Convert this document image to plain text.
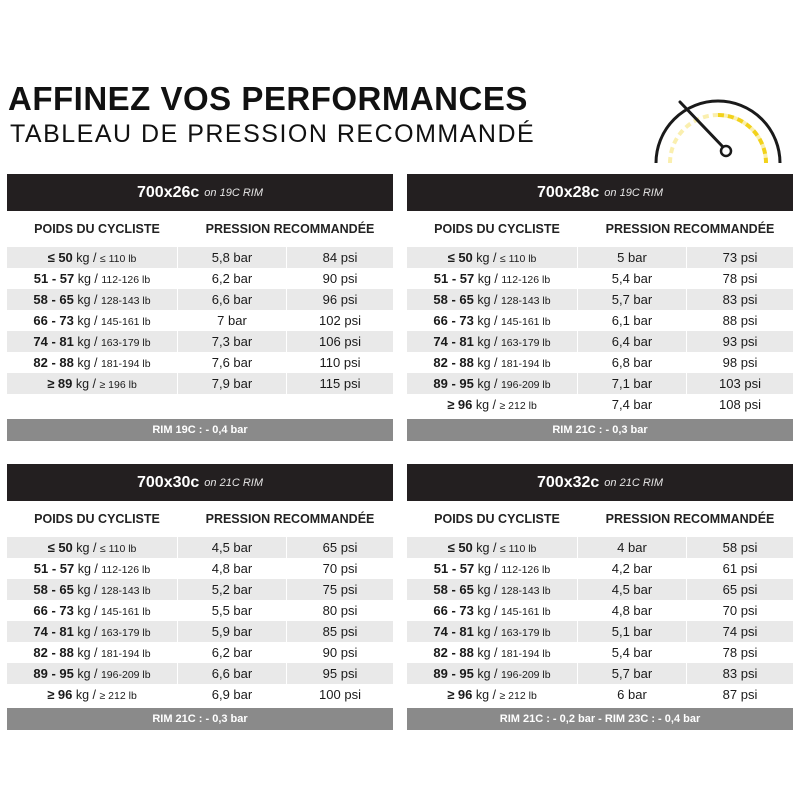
AFFINEZ VOS PERFORMANCES
TABLEAU DE PRESSION RECOMMANDÉ
700x26c on 19C RIM
POIDS DU CYCLISTE	PRESSION RECOMMANDÉE
≤ 50 kg / ≤ 110 lb	5,8 bar	84 psi
51 - 57 kg / 112-126 lb	6,2 bar	90 psi
58 - 65 kg / 128-143 lb	6,6 bar	96 psi
66 - 73 kg / 145-161 lb	7 bar	102 psi
74 - 81 kg / 163-179 lb	7,3 bar	106 psi
82 - 88 kg / 181-194 lb	7,6 bar	110 psi
≥ 89 kg / ≥ 196 lb	7,9 bar	115 psi
RIM 19C : - 0,4 bar
700x28c on 19C RIM
POIDS DU CYCLISTE	PRESSION RECOMMANDÉE
≤ 50 kg / ≤ 110 lb	5 bar	73 psi
51 - 57 kg / 112-126 lb	5,4 bar	78 psi
58 - 65 kg / 128-143 lb	5,7 bar	83 psi
66 - 73 kg / 145-161 lb	6,1 bar	88 psi
74 - 81 kg / 163-179 lb	6,4 bar	93 psi
82 - 88 kg / 181-194 lb	6,8 bar	98 psi
89 - 95 kg / 196-209 lb	7,1 bar	103 psi
≥ 96 kg / ≥ 212 lb	7,4 bar	108 psi
RIM 21C : - 0,3 bar
700x30c on 21C RIM
POIDS DU CYCLISTE	PRESSION RECOMMANDÉE
≤ 50 kg / ≤ 110 lb	4,5 bar	65 psi
51 - 57 kg / 112-126 lb	4,8 bar	70 psi
58 - 65 kg / 128-143 lb	5,2 bar	75 psi
66 - 73 kg / 145-161 lb	5,5 bar	80 psi
74 - 81 kg / 163-179 lb	5,9 bar	85 psi
82 - 88 kg / 181-194 lb	6,2 bar	90 psi
89 - 95 kg / 196-209 lb	6,6 bar	95 psi
≥ 96 kg / ≥ 212 lb	6,9 bar	100 psi
RIM 21C : - 0,3 bar
700x32c on 21C RIM
POIDS DU CYCLISTE	PRESSION RECOMMANDÉE
≤ 50 kg / ≤ 110 lb	4 bar	58 psi
51 - 57 kg / 112-126 lb	4,2 bar	61 psi
58 - 65 kg / 128-143 lb	4,5 bar	65 psi
66 - 73 kg / 145-161 lb	4,8 bar	70 psi
74 - 81 kg / 163-179 lb	5,1 bar	74 psi
82 - 88 kg / 181-194 lb	5,4 bar	78 psi
89 - 95 kg / 196-209 lb	5,7 bar	83 psi
≥ 96 kg / ≥ 212 lb	6 bar	87 psi
RIM 21C : - 0,2 bar - RIM 23C : - 0,4 bar
